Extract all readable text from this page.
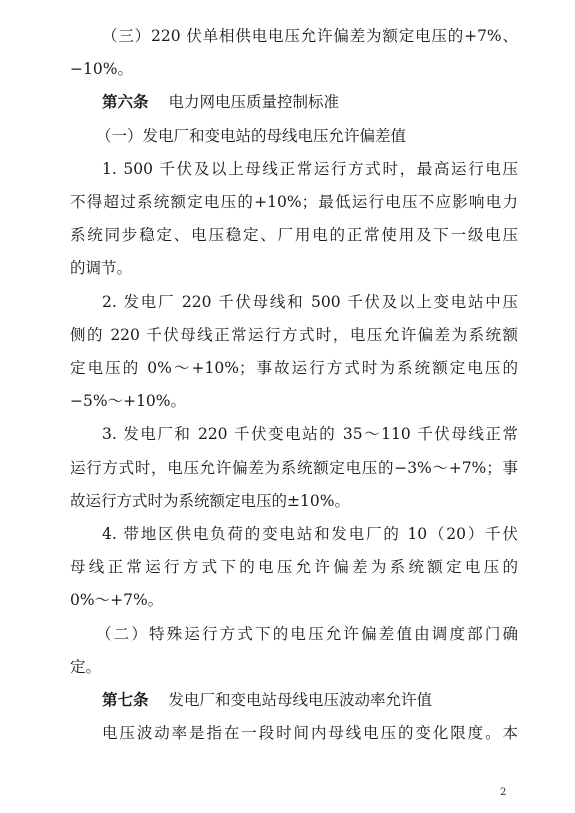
（三）220 伏单相供电电压允许偏差为额定电压的+7%、
−10%。
第六条 电力网电压质量控制标准
（一）发电厂和变电站的母线电压允许偏差值
1. 500 千伏及以上母线正常运行方式时，最高运行电压
不得超过系统额定电压的+10%；最低运行电压不应影响电力
系统同步稳定、电压稳定、厂用电的正常使用及下一级电压
的调节。
2. 发电厂 220 千伏母线和 500 千伏及以上变电站中压
侧的 220 千伏母线正常运行方式时，电压允许偏差为系统额
定电压的 0%～+10%；事故运行方式时为系统额定电压的
−5%～+10%。
3. 发电厂和 220 千伏变电站的 35～110 千伏母线正常
运行方式时，电压允许偏差为系统额定电压的−3%～+7%；事
故运行方式时为系统额定电压的±10%。
4. 带地区供电负荷的变电站和发电厂的 10（20）千伏
母线正常运行方式下的电压允许偏差为系统额定电压的
0%～+7%。
（二）特殊运行方式下的电压允许偏差值由调度部门确
定。
第七条 发电厂和变电站母线电压波动率允许值
电压波动率是指在一段时间内母线电压的变化限度。本
2
